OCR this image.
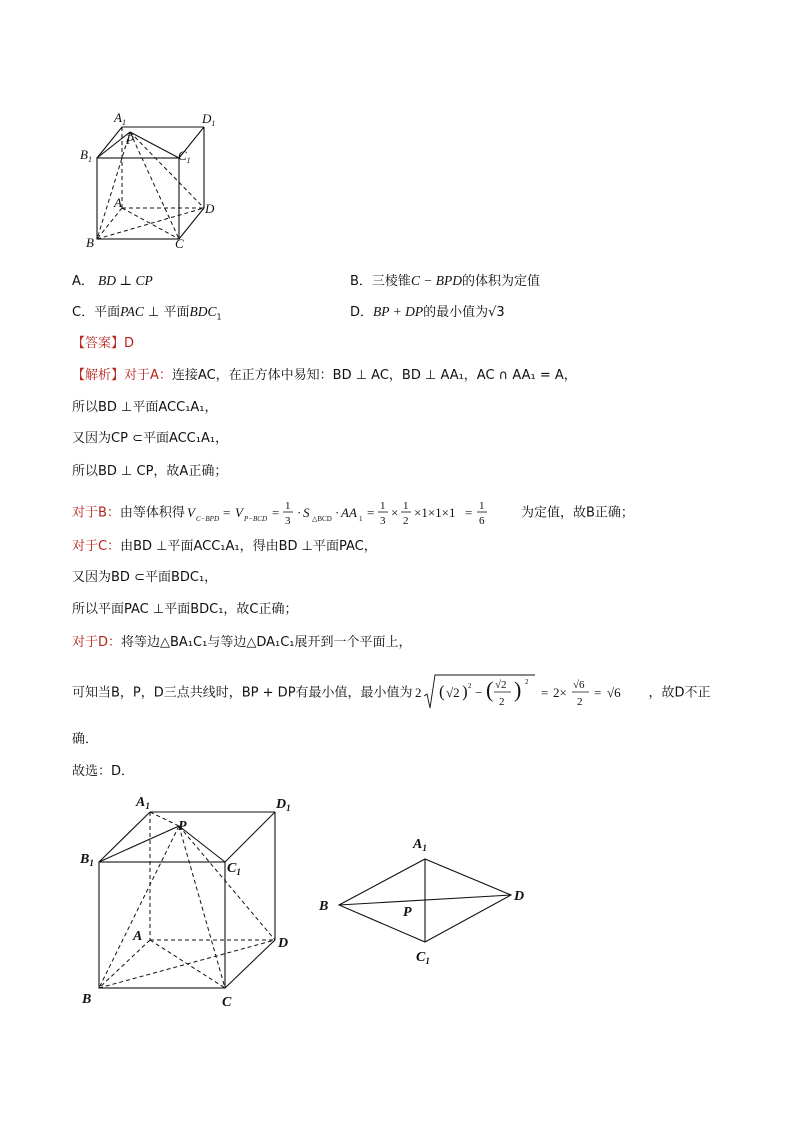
$A_1$	$D_1$
$B_1$	$C_1$
P
A	D
B	C
A． BD ⊥ CP	B．三棱锥C − BPD的体积为定值
C．平面PAC ⊥ 平面$BDC_1$	D．BP + DP的最小值为√3
【答案】D
【解析】对于A：连接AC，在正方体中易知：BD ⊥ AC，BD ⊥ AA₁，AC ∩ AA₁ = A，
所以BD ⊥平面ACC₁A₁，
又因为CP ⊂平面ACC₁A₁，
所以BD ⊥ CP，故A正确；
对于B：由等体积得 V C−BPD = V P−BCD = 1
3
· S △BCD · AA 1 = 1
3
× 1
2
×1×1×1 = 1
6
为定值，故B正确；
对于C：由BD ⊥平面ACC₁A₁，得由BD ⊥平面PAC，
又因为BD ⊂平面BDC₁，
所以平面PAC ⊥平面BDC₁，故C正确；
对于D：将等边△BA₁C₁与等边△DA₁C₁展开到一个平面上，
可知当B，P，D三点共线时，BP + DP有最小值，最小值为 2 ( √2 ) 2 − ( √2
2 ) 2
= 2× √6
2
= √6 ，故D不正
确．
故选：D．
$A_1$	$D_1$
$B_1$	$C_1$
P
A	D
B	C
$A_1$
B	P
D
$C_1$
